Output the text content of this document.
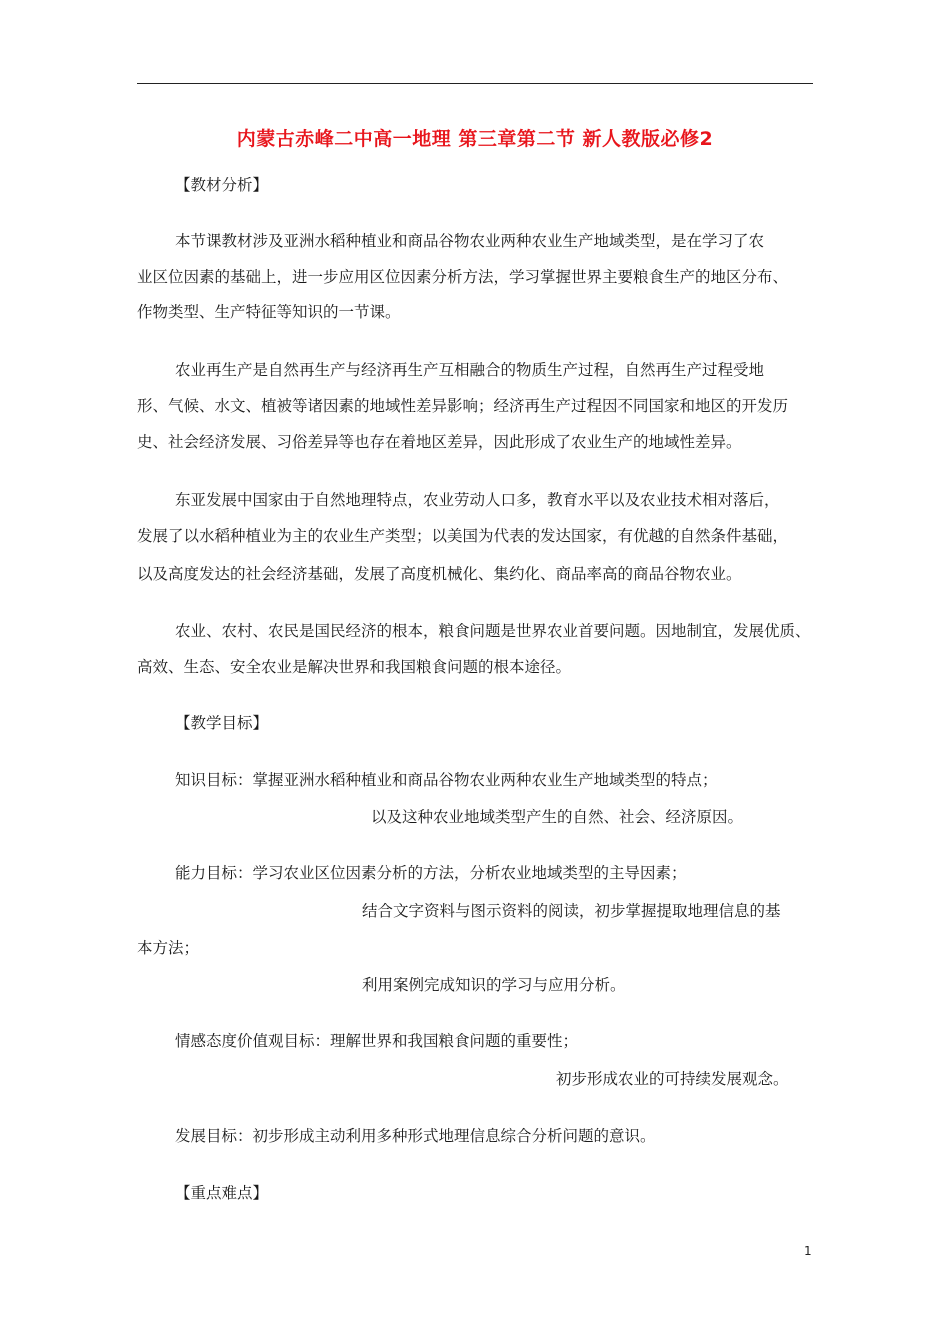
内蒙古赤峰二中高一地理 第三章第二节 新人教版必修2
【教材分析】
本节课教材涉及亚洲水稻种植业和商品谷物农业两种农业生产地域类型，是在学习了农
业区位因素的基础上，进一步应用区位因素分析方法，学习掌握世界主要粮食生产的地区分布、
作物类型、生产特征等知识的一节课。
农业再生产是自然再生产与经济再生产互相融合的物质生产过程，自然再生产过程受地
形、气候、水文、植被等诸因素的地域性差异影响；经济再生产过程因不同国家和地区的开发历
史、社会经济发展、习俗差异等也存在着地区差异，因此形成了农业生产的地域性差异。
东亚发展中国家由于自然地理特点，农业劳动人口多，教育水平以及农业技术相对落后，
发展了以水稻种植业为主的农业生产类型；以美国为代表的发达国家，有优越的自然条件基础，
以及高度发达的社会经济基础，发展了高度机械化、集约化、商品率高的商品谷物农业。
农业、农村、农民是国民经济的根本，粮食问题是世界农业首要问题。因地制宜，发展优质、
高效、生态、安全农业是解决世界和我国粮食问题的根本途径。
【教学目标】
知识目标：掌握亚洲水稻种植业和商品谷物农业两种农业生产地域类型的特点；
以及这种农业地域类型产生的自然、社会、经济原因。
能力目标：学习农业区位因素分析的方法，分析农业地域类型的主导因素；
结合文字资料与图示资料的阅读，初步掌握提取地理信息的基
本方法；
利用案例完成知识的学习与应用分析。
情感态度价值观目标：理解世界和我国粮食问题的重要性；
初步形成农业的可持续发展观念。
发展目标：初步形成主动利用多种形式地理信息综合分析问题的意识。
【重点难点】
1
